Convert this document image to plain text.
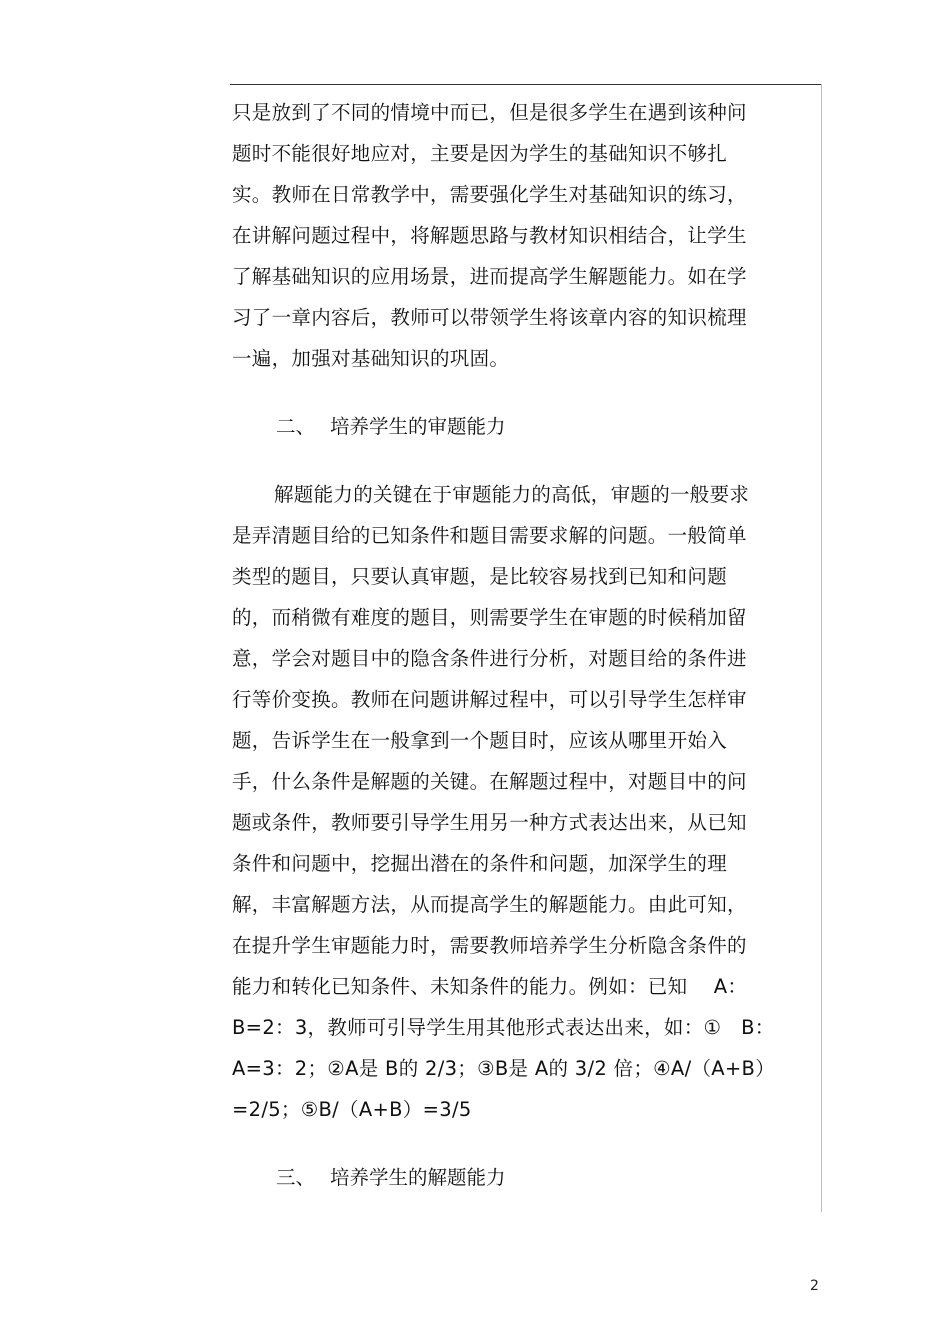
只是放到了不同的情境中而已，但是很多学生在遇到该种问
题时不能很好地应对，主要是因为学生的基础知识不够扎
实。教师在日常教学中，需要强化学生对基础知识的练习，
在讲解问题过程中，将解题思路与教材知识相结合，让学生
了解基础知识的应用场景，进而提高学生解题能力。如在学
习了一章内容后，教师可以带领学生将该章内容的知识梳理
一遍，加强对基础知识的巩固。
二、 培养学生的审题能力
解题能力的关键在于审题能力的高低，审题的一般要求
是弄清题目给的已知条件和题目需要求解的问题。一般简单
类型的题目，只要认真审题，是比较容易找到已知和问题
的，而稍微有难度的题目，则需要学生在审题的时候稍加留
意，学会对题目中的隐含条件进行分析，对题目给的条件进
行等价变换。教师在问题讲解过程中，可以引导学生怎样审
题，告诉学生在一般拿到一个题目时，应该从哪里开始入
手，什么条件是解题的关键。在解题过程中，对题目中的问
题或条件，教师要引导学生用另一种方式表达出来，从已知
条件和问题中，挖掘出潜在的条件和问题，加深学生的理
解，丰富解题方法，从而提高学生的解题能力。由此可知，
在提升学生审题能力时，需要教师培养学生分析隐含条件的
能力和转化已知条件、未知条件的能力。例如：已知　 A：
B=2：3，教师可引导学生用其他形式表达出来，如：①　B：
A=3：2；②A是 B的 2/3；③B是 A的 3/2 倍；④A/（A+B）
=2/5；⑤B/（A+B）=3/5
三、 培养学生的解题能力
2
